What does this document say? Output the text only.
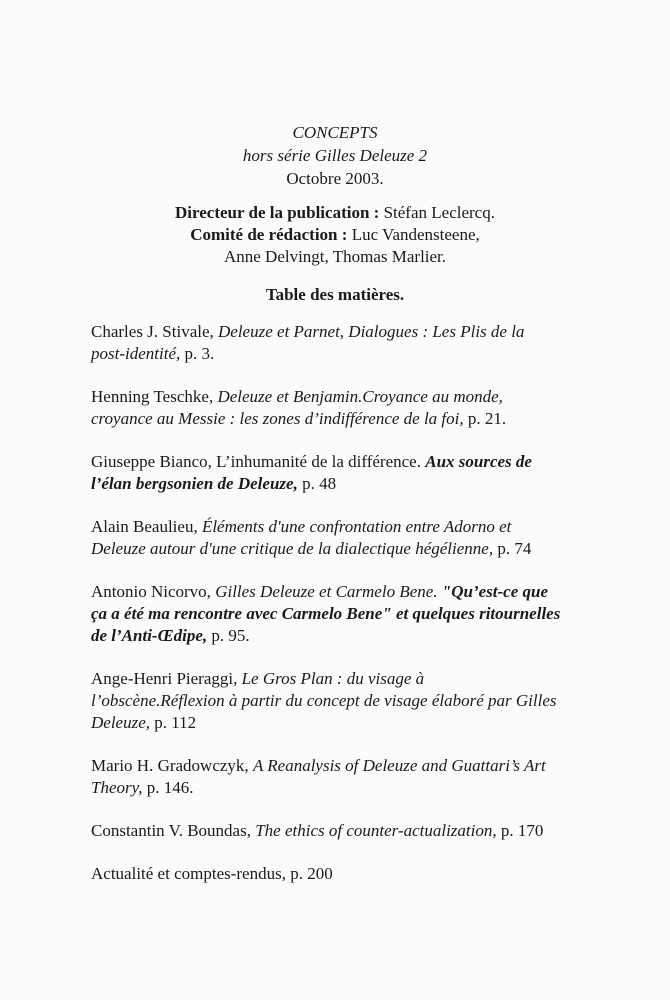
CONCEPTS
hors série Gilles Deleuze 2
Octobre 2003.
Directeur de la publication : Stéfan Leclercq.
Comité de rédaction : Luc Vandensteene,
Anne Delvingt, Thomas Marlier.
Table des matières.

Charles J. Stivale, Deleuze et Parnet, Dialogues : Les Plis de la post-identité, p. 3.

Henning Teschke, Deleuze et Benjamin.Croyance au monde, croyance au Messie : les zones d’indifférence de la foi, p. 21.

Giuseppe Bianco, L’inhumanité de la différence. Aux sources de l’élan bergsonien de Deleuze, p. 48

Alain Beaulieu, Éléments d'une confrontation entre Adorno et Deleuze autour d'une critique de la dialectique hégélienne, p. 74

Antonio Nicorvo, Gilles Deleuze et Carmelo Bene. "Qu’est-ce que ça a été ma rencontre avec Carmelo Bene" et quelques ritournelles de l’Anti-Œdipe, p. 95.

Ange-Henri Pieraggi, Le Gros Plan : du visage à l’obscène.Réflexion à partir du concept de visage élaboré par Gilles Deleuze, p. 112

Mario H. Gradowczyk, A Reanalysis of Deleuze and Guattari’s Art Theory, p. 146.

Constantin V. Boundas, The ethics of counter-actualization, p. 170

Actualité et comptes-rendus, p. 200
